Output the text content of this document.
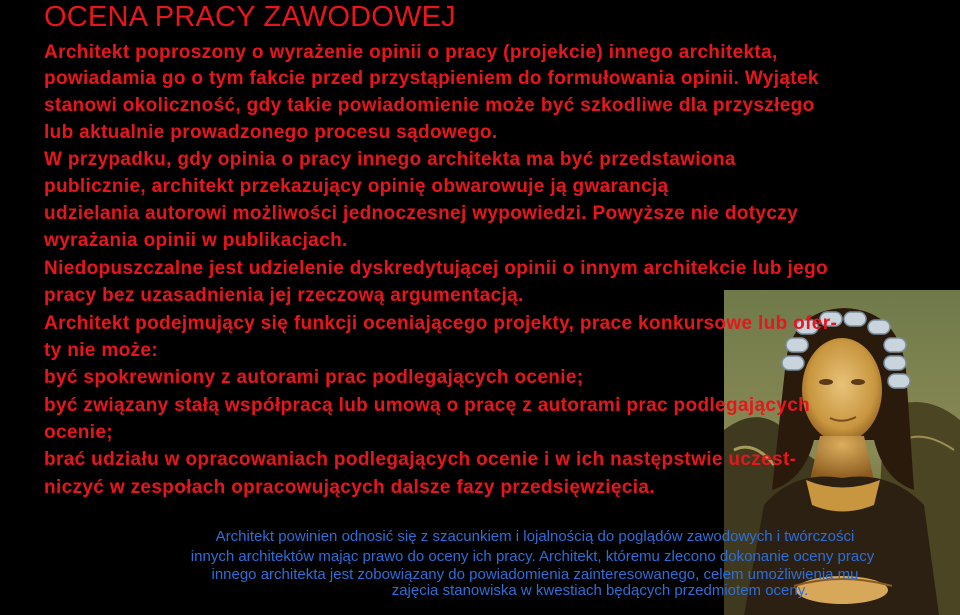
OCENA PRACY ZAWODOWEJ
Architekt poproszony o wyrażenie opinii o pracy (projekcie) innego architekta,
powiadamia go o tym fakcie przed przystąpieniem do formułowania opinii. Wyjątek
stanowi okoliczność, gdy takie powiadomienie może być szkodliwe dla przyszłego
lub aktualnie prowadzonego procesu sądowego.
W przypadku, gdy opinia o pracy innego architekta ma być przedstawiona
publicznie, architekt przekazujący opinię obwarowuje ją gwarancją
udzielania autorowi możliwości jednoczesnej wypowiedzi. Powyższe nie dotyczy
wyrażania opinii w publikacjach.
Niedopuszczalne jest udzielenie dyskredytującej opinii o innym architekcie lub jego
pracy bez uzasadnienia jej rzeczową argumentacją.
Architekt podejmujący się funkcji oceniającego projekty, prace konkursowe lub ofer-
ty nie może:
być spokrewniony z autorami prac podlegających ocenie;
być związany stałą współpracą lub umową o pracę z autorami prac podlegających
ocenie;
brać udziału w opracowaniach podlegających ocenie i w ich następstwie uczest-
niczyć w zespołach opracowujących dalsze fazy przedsięwzięcia.
Architekt powinien odnosić się z szacunkiem i lojalnością do poglądów zawodowych i twórczości
innych architektów mając prawo do oceny ich pracy. Architekt, któremu zlecono dokonanie oceny pracy
innego architekta jest zobowiązany do powiadomienia zainteresowanego, celem umożliwienia mu
zajęcia stanowiska w kwestiach będących przedmiotem oceny.
